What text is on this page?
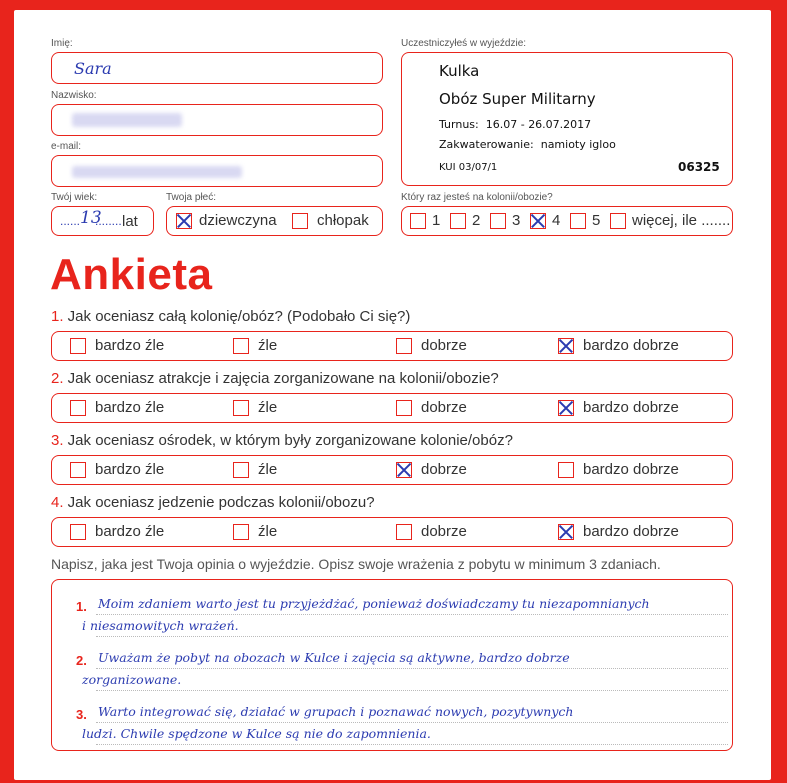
Imię:
Sara
Nazwisko:
e-mail:
Twój wiek:
...... 13
........ lat
Twoja płeć:
dziewczyna	chłopak
Uczestniczyłeś w wyjeździe:
Kulka
Obóz Super Militarny
Turnus: 16.07 - 26.07.2017
Zakwaterowanie: namioty igloo
KUI 03/07/1	06325
Który raz jesteś na kolonii/obozie?
1 2 3 4 5 więcej, ile .......
Ankieta
1. Jak oceniasz całą kolonię/obóz? (Podobało Ci się?)
bardzo źle	źle	dobrze	bardzo dobrze
2. Jak oceniasz atrakcje i zajęcia zorganizowane na kolonii/obozie?
bardzo źle	źle	dobrze	bardzo dobrze
3. Jak oceniasz ośrodek, w którym były zorganizowane kolonie/obóz?
bardzo źle	źle	dobrze	bardzo dobrze
4. Jak oceniasz jedzenie podczas kolonii/obozu?
bardzo źle	źle	dobrze	bardzo dobrze
Napisz, jaka jest Twoja opinia o wyjeździe. Opisz swoje wrażenia z pobytu w minimum 3 zdaniach.
1. Moim zdaniem warto jest tu przyjeżdżać, ponieważ doświadczamy tu niezapomnianych
i niesamowitych wrażeń.
2. Uważam że pobyt na obozach w Kulce i zajęcia są aktywne, bardzo dobrze
zorganizowane.
3. Warto integrować się, działać w grupach i poznawać nowych, pozytywnych
ludzi. Chwile spędzone w Kulce są nie do zapomnienia.
